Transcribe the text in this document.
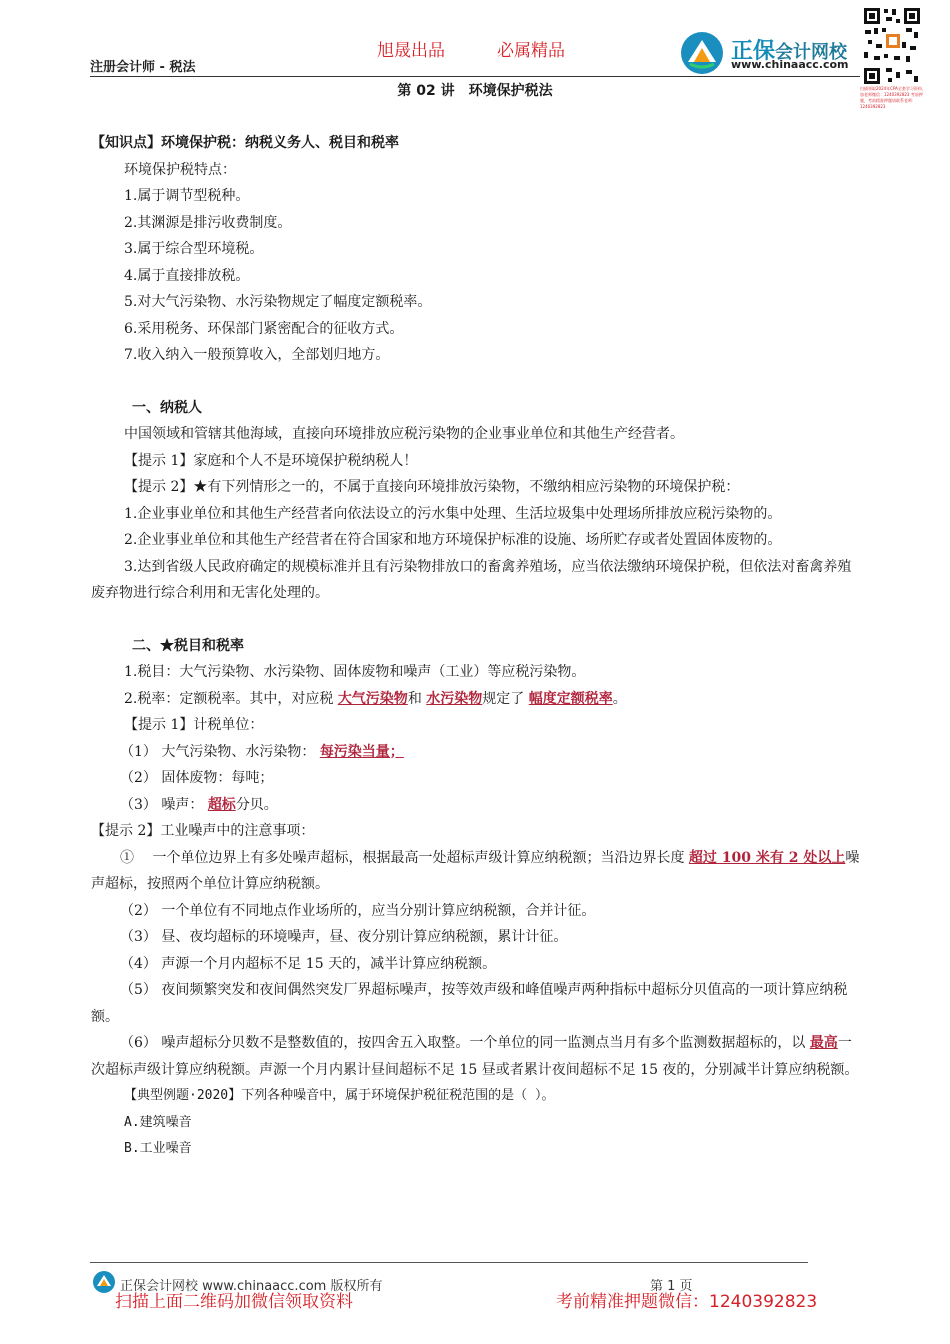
旭晟出品	必属精品
注册会计师 - 税法
正保会计网校
www.chinaacc.com
扫描领取2024年CPA全套学习资料，加老师微信：1240392823 考前押题，考前精准押题请联系老师：1240392823
第 02 讲　环境保护税法

【知识点】环境保护税：纳税义务人、税目和税率

环境保护税特点：

1.属于调节型税种。

2.其渊源是排污收费制度。

3.属于综合型环境税。

4.属于直接排放税。

5.对大气污染物、水污染物规定了幅度定额税率。

6.采用税务、环保部门紧密配合的征收方式。

7.收入纳入一般预算收入，全部划归地方。

一、纳税人

中国领域和管辖其他海域，直接向环境排放应税污染物的企业事业单位和其他生产经营者。

【提示 1】家庭和个人不是环境保护税纳税人！

【提示 2】★有下列情形之一的，不属于直接向环境排放污染物，不缴纳相应污染物的环境保护税：

1.企业事业单位和其他生产经营者向依法设立的污水集中处理、生活垃圾集中处理场所排放应税污染物的。

2.企业事业单位和其他生产经营者在符合国家和地方环境保护标准的设施、场所贮存或者处置固体废物的。

3.达到省级人民政府确定的规模标准并且有污染物排放口的畜禽养殖场，应当依法缴纳环境保护税，但依法对畜禽养殖废弃物进行综合利用和无害化处理的。

二、★税目和税率

1.税目：大气污染物、水污染物、固体废物和噪声（工业）等应税污染物。

2.税率：定额税率。其中，对应税 大气污染物和 水污染物规定了 幅度定额税率。

【提示 1】计税单位：

（1） 大气污染物、水污染物： 每污染当量；

（2） 固体废物：每吨；

（3） 噪声： 超标分贝。

【提示 2】工业噪声中的注意事项：

①　 一个单位边界上有多处噪声超标，根据最高一处超标声级计算应纳税额；当沿边界长度 超过 100 米有 2 处以上噪声超标，按照两个单位计算应纳税额。

（2） 一个单位有不同地点作业场所的，应当分别计算应纳税额，合并计征。

（3） 昼、夜均超标的环境噪声，昼、夜分别计算应纳税额，累计计征。

（4） 声源一个月内超标不足 15 天的，减半计算应纳税额。

（5） 夜间频繁突发和夜间偶然突发厂界超标噪声，按等效声级和峰值噪声两种指标中超标分贝值高的一项计算应纳税额。

（6） 噪声超标分贝数不是整数值的，按四舍五入取整。一个单位的同一监测点当月有多个监测数据超标的，以 最高一次超标声级计算应纳税额。声源一个月内累计昼间超标不足 15 昼或者累计夜间超标不足 15 夜的，分别减半计算应纳税额。

【典型例题·2020】下列各种噪音中，属于环境保护税征税范围的是（ ）。

A.建筑噪音

B.工业噪音

正保会计网校 www.chinaacc.com 版权所有	第 1 页
扫描上面二维码加微信领取资料	考前精准押题微信：1240392823
